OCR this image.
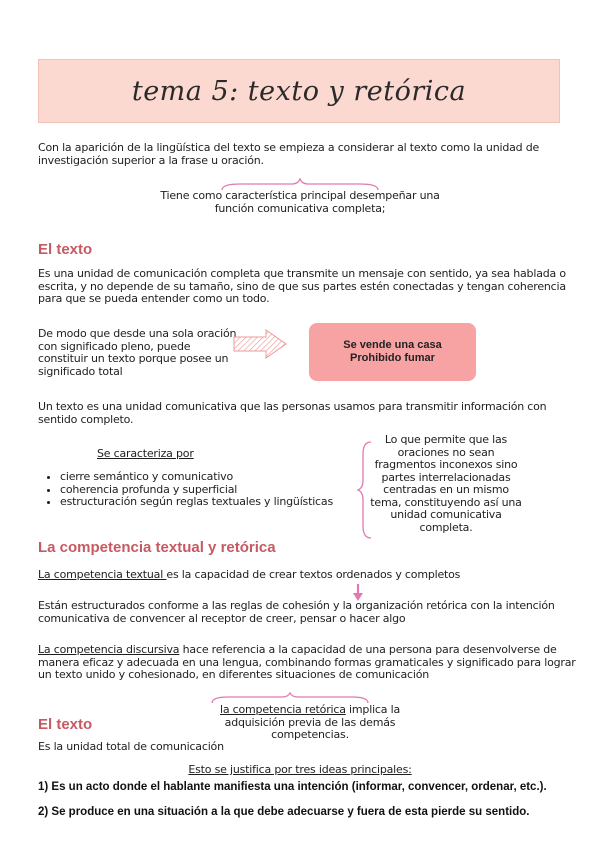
tema 5: texto y retórica
Con la aparición de la lingüística del texto se empieza a considerar al texto como la unidad de investigación superior a la frase u oración.
Tiene como característica principal desempeñar una
función comunicativa completa;
El texto
Es una unidad de comunicación completa que transmite un mensaje con sentido, ya sea hablada o escrita, y no depende de su tamaño, sino de que sus partes estén conectadas y tengan coherencia para que se pueda entender como un todo.
De modo que desde una sola oración con significado pleno, puede constituir un texto porque posee un significado total
Se vende una casa
Prohibido fumar
Un texto es una unidad comunicativa que las personas usamos para transmitir información con sentido completo.
Se caracteriza por
• cierre semántico y comunicativo
• coherencia profunda y superficial
• estructuración según reglas textuales y lingüísticas
Lo que permite que las oraciones no sean fragmentos inconexos sino partes interrelacionadas centradas en un mismo tema, constituyendo así una unidad comunicativa completa.
La competencia textual y retórica
La competencia textual es la capacidad de crear textos ordenados y completos
Están estructurados conforme a las reglas de cohesión y la organización retórica con la intención comunicativa de convencer al receptor de creer, pensar o hacer algo
La competencia discursiva hace referencia a la capacidad de una persona para desenvolverse de manera eficaz y adecuada en una lengua, combinando formas gramaticales y significado para lograr un texto unido y cohesionado, en diferentes situaciones de comunicación
la competencia retórica implica la adquisición previa de las demás competencias.
El texto
Es la unidad total de comunicación
Esto se justifica por tres ideas principales:
1) Es un acto donde el hablante manifiesta una intención (informar, convencer, ordenar, etc.).
2) Se produce en una situación a la que debe adecuarse y fuera de esta pierde su sentido.
